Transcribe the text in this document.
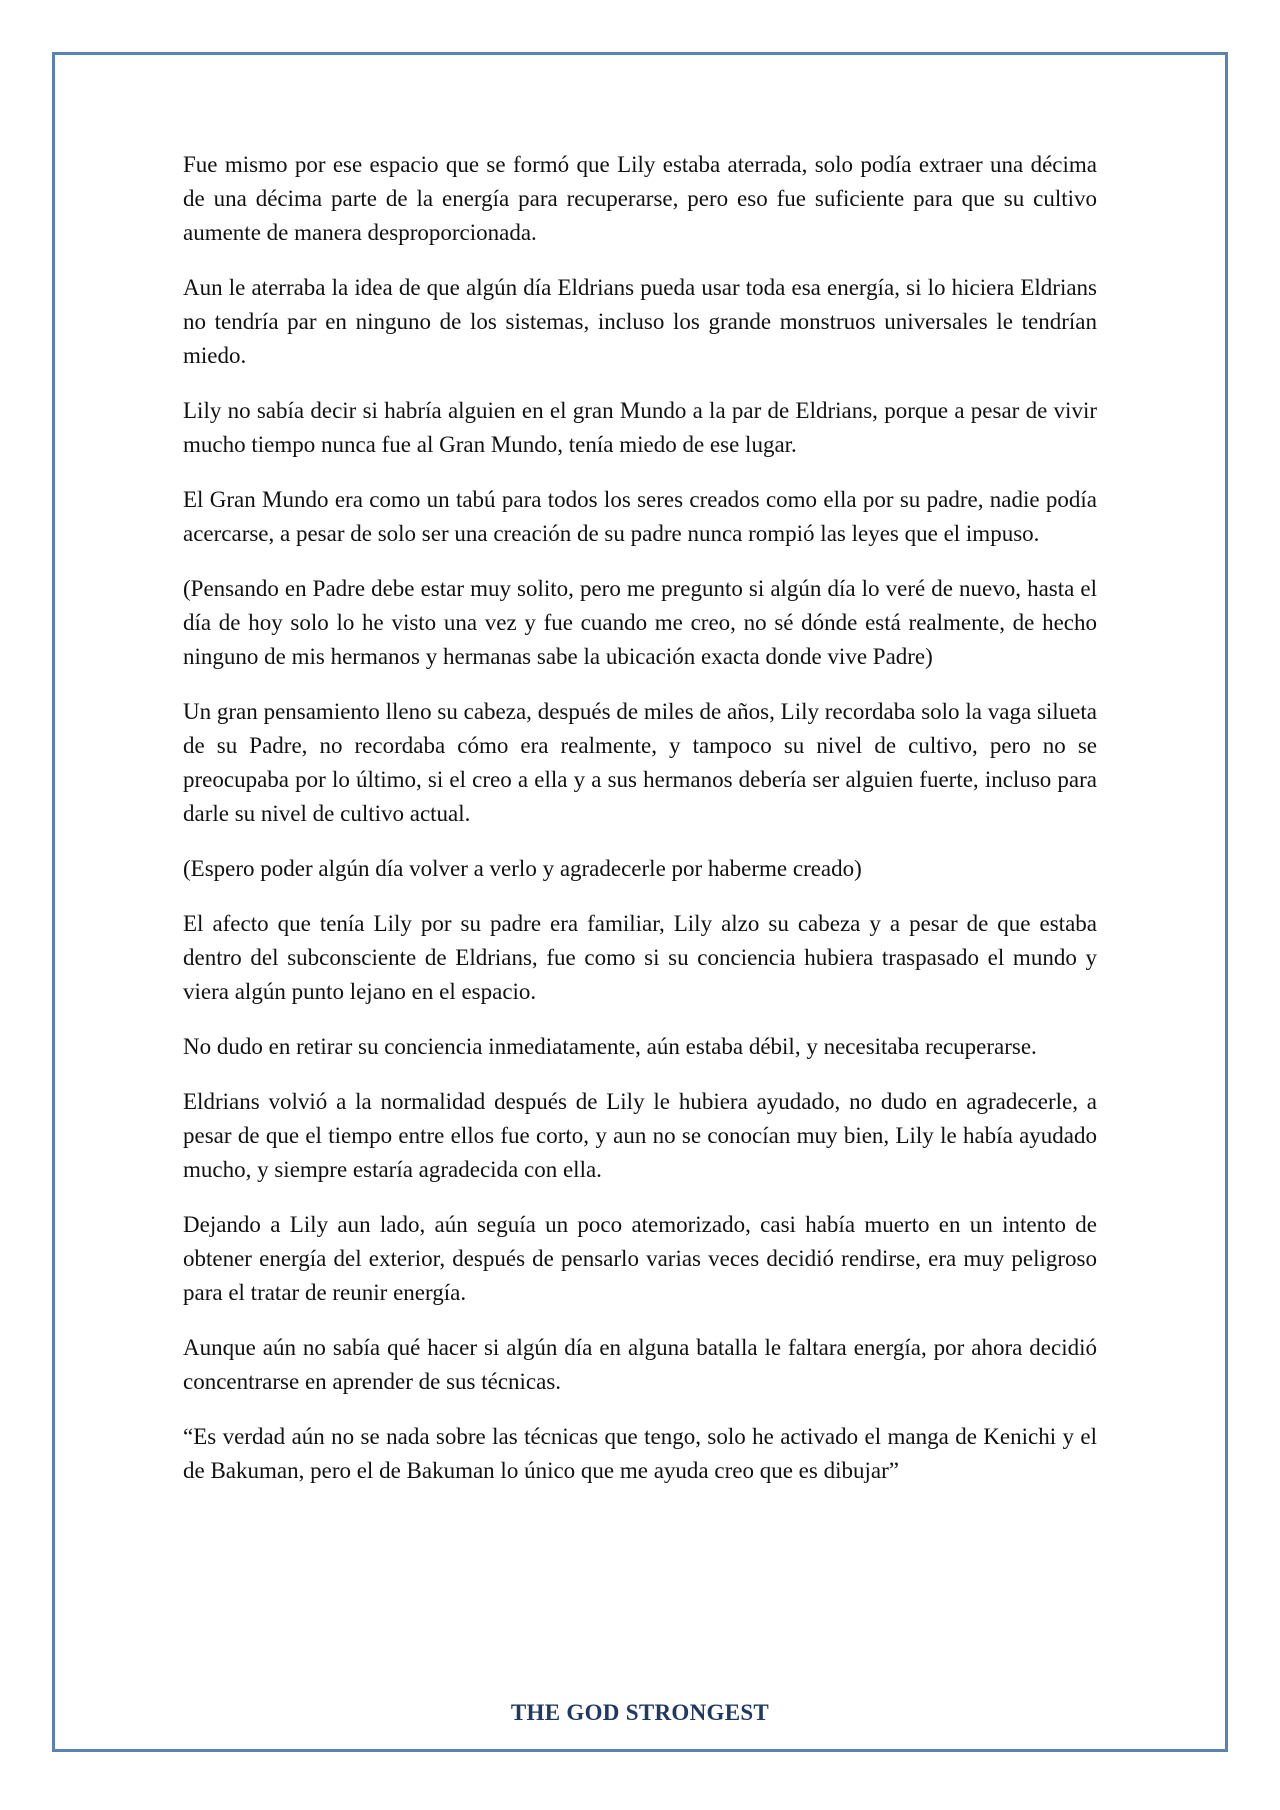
Fue mismo por ese espacio que se formó que Lily estaba aterrada, solo podía extraer una décima de una décima parte de la energía para recuperarse, pero eso fue suficiente para que su cultivo aumente de manera desproporcionada.

Aun le aterraba la idea de que algún día Eldrians pueda usar toda esa energía, si lo hiciera Eldrians no tendría par en ninguno de los sistemas, incluso los grande monstruos universales le tendrían miedo.

Lily no sabía decir si habría alguien en el gran Mundo a la par de Eldrians, porque a pesar de vivir mucho tiempo nunca fue al Gran Mundo, tenía miedo de ese lugar.

El Gran Mundo era como un tabú para todos los seres creados como ella por su padre, nadie podía acercarse, a pesar de solo ser una creación de su padre nunca rompió las leyes que el impuso.

(Pensando en Padre debe estar muy solito, pero me pregunto si algún día lo veré de nuevo, hasta el día de hoy solo lo he visto una vez y fue cuando me creo, no sé dónde está realmente, de hecho ninguno de mis hermanos y hermanas sabe la ubicación exacta donde vive Padre)

Un gran pensamiento lleno su cabeza, después de miles de años, Lily recordaba solo la vaga silueta de su Padre, no recordaba cómo era realmente, y tampoco su nivel de cultivo, pero no se preocupaba por lo último, si el creo a ella y a sus hermanos debería ser alguien fuerte, incluso para darle su nivel de cultivo actual.

(Espero poder algún día volver a verlo y agradecerle por haberme creado)

El afecto que tenía Lily por su padre era familiar, Lily alzo su cabeza y a pesar de que estaba dentro del subconsciente de Eldrians, fue como si su conciencia hubiera traspasado el mundo y viera algún punto lejano en el espacio.

No dudo en retirar su conciencia inmediatamente, aún estaba débil, y necesitaba recuperarse.

Eldrians volvió a la normalidad después de Lily le hubiera ayudado, no dudo en agradecerle, a pesar de que el tiempo entre ellos fue corto, y aun no se conocían muy bien, Lily le había ayudado mucho, y siempre estaría agradecida con ella.

Dejando a Lily aun lado, aún seguía un poco atemorizado, casi había muerto en un intento de obtener energía del exterior, después de pensarlo varias veces decidió rendirse, era muy peligroso para el tratar de reunir energía.

Aunque aún no sabía qué hacer si algún día en alguna batalla le faltara energía, por ahora decidió concentrarse en aprender de sus técnicas.

“Es verdad aún no se nada sobre las técnicas que tengo, solo he activado el manga de Kenichi y el de Bakuman, pero el de Bakuman lo único que me ayuda creo que es dibujar”

THE GOD STRONGEST
